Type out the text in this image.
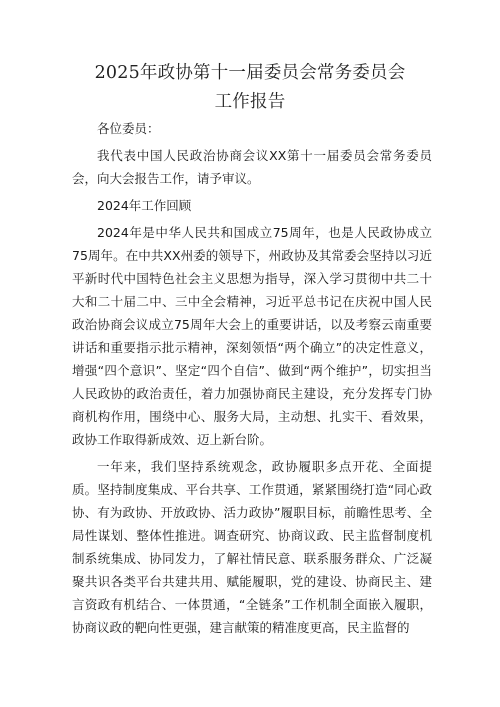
2025年政协第十一届委员会常务委员会
工作报告

各位委员：

我代表中国人民政治协商会议XX第十一届委员会常务委员会，向大会报告工作，请予审议。

2024年工作回顾

2024年是中华人民共和国成立75周年，也是人民政协成立75周年。在中共XX州委的领导下，州政协及其常委会坚持以习近平新时代中国特色社会主义思想为指导，深入学习贯彻中共二十大和二十届二中、三中全会精神，习近平总书记在庆祝中国人民政治协商会议成立75周年大会上的重要讲话，以及考察云南重要讲话和重要指示批示精神，深刻领悟“两个确立”的决定性意义，增强“四个意识”、坚定“四个自信”、做到“两个维护”，切实担当人民政协的政治责任，着力加强协商民主建设，充分发挥专门协商机构作用，围绕中心、服务大局，主动想、扎实干、看效果，政协工作取得新成效、迈上新台阶。

一年来，我们坚持系统观念，政协履职多点开花、全面提质。坚持制度集成、平台共享、工作贯通，紧紧围绕打造“同心政协、有为政协、开放政协、活力政协”履职目标，前瞻性思考、全局性谋划、整体性推进。调查研究、协商议政、民主监督制度机制系统集成、协同发力，了解社情民意、联系服务群众、广泛凝聚共识各类平台共建共用、赋能履职，党的建设、协商民主、建言资政有机结合、一体贯通，“全链条”工作机制全面嵌入履职，协商议政的靶向性更强，建言献策的精准度更高，民主监督的
